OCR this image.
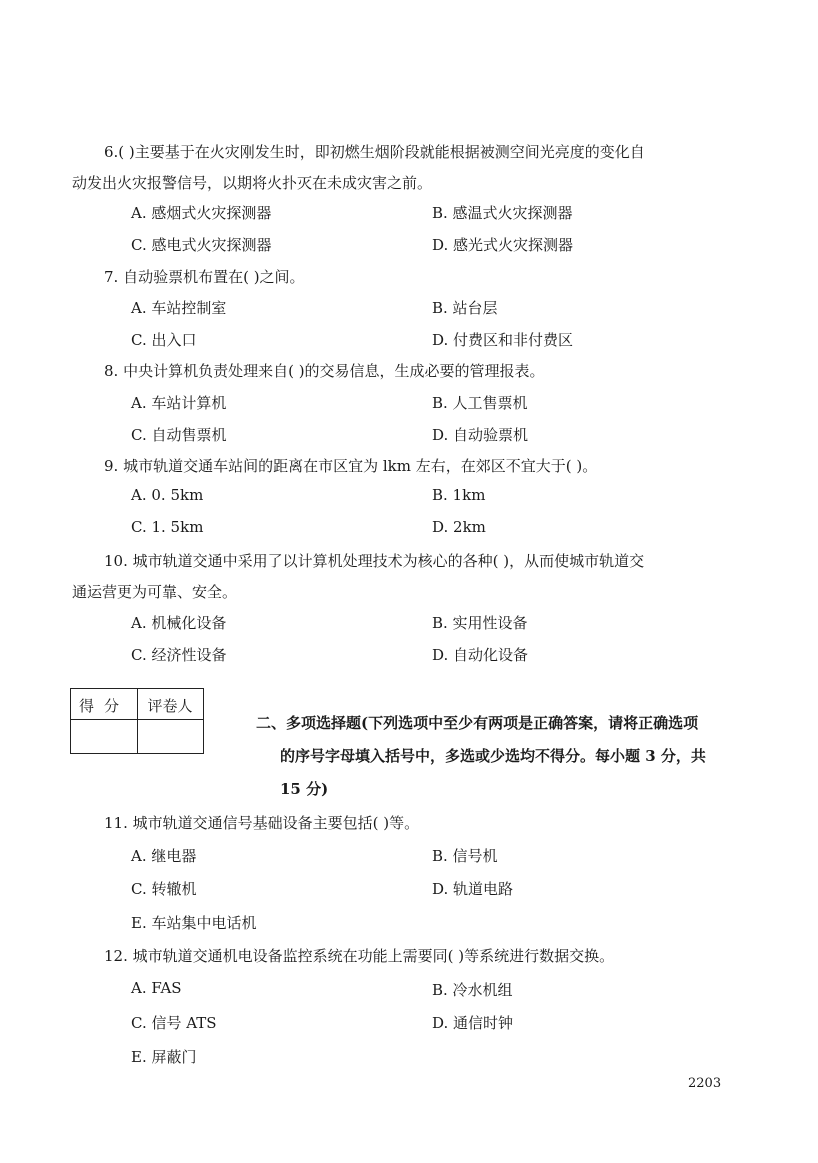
6.( )主要基于在火灾刚发生时，即初燃生烟阶段就能根据被测空间光亮度的变化自
动发出火灾报警信号，以期将火扑灭在未成灾害之前。
A. 感烟式火灾探测器	B. 感温式火灾探测器
C. 感电式火灾探测器	D. 感光式火灾探测器
7. 自动验票机布置在( )之间。
A. 车站控制室	B. 站台层
C. 出入口	D. 付费区和非付费区
8. 中央计算机负责处理来自( )的交易信息，生成必要的管理报表。
A. 车站计算机	B. 人工售票机
C. 自动售票机	D. 自动验票机
9. 城市轨道交通车站间的距离在市区宜为 lkm 左右，在郊区不宜大于( )。
A. 0. 5km	B. 1km
C. 1. 5km	D. 2km
10. 城市轨道交通中采用了以计算机处理技术为核心的各种( )，从而使城市轨道交
通运营更为可靠、安全。
A. 机械化设备	B. 实用性设备
C. 经济性设备	D. 自动化设备
得分	评卷人
二、多项选择题(下列选项中至少有两项是正确答案，请将正确选项
的序号字母填入括号中，多选或少选均不得分。每小题 3 分，共
15 分)
11. 城市轨道交通信号基础设备主要包括( )等。
A. 继电器	B. 信号机
C. 转辙机	D. 轨道电路
E. 车站集中电话机
12. 城市轨道交通机电设备监控系统在功能上需要同( )等系统进行数据交换。
A. FAS	B. 冷水机组
C. 信号 ATS	D. 通信时钟
E. 屏蔽门
2203
